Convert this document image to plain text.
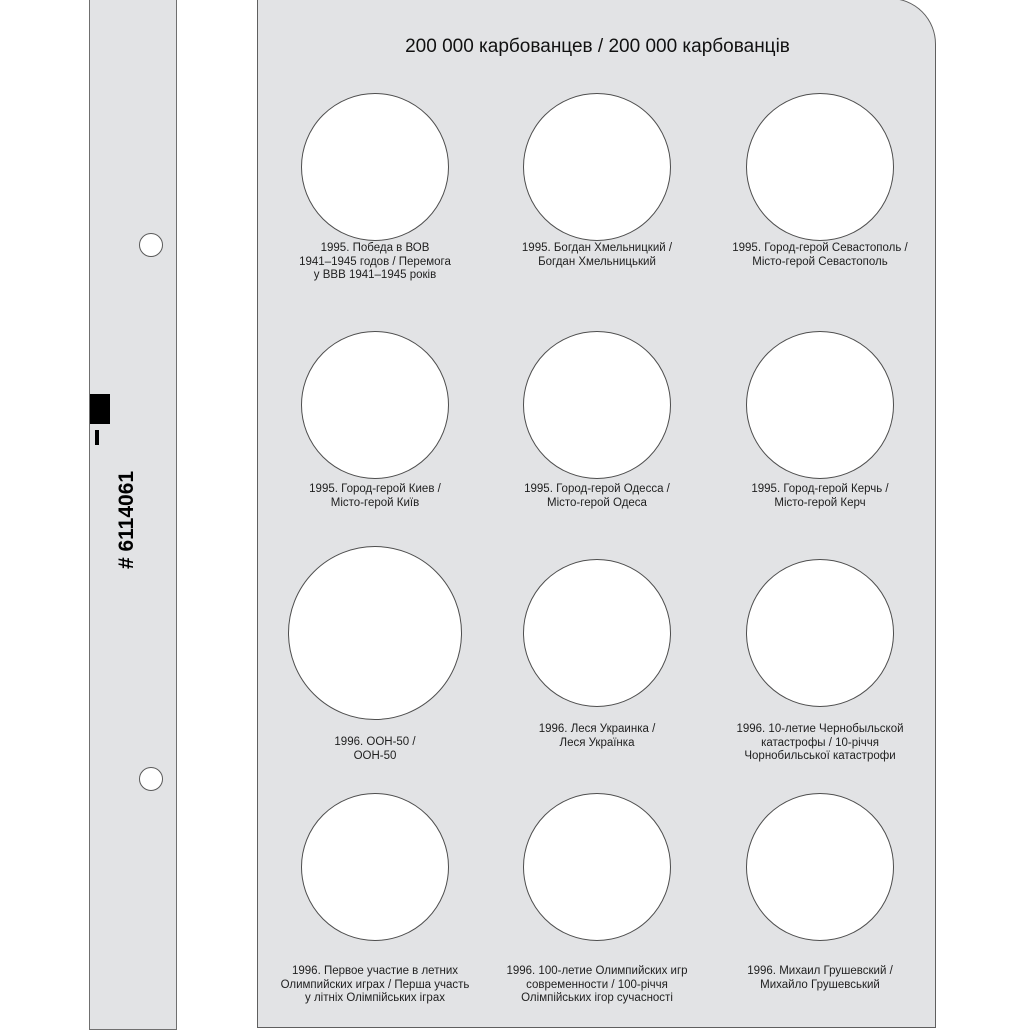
# 6114061
200 000 карбованцев / 200 000 карбованців
1995. Победа в ВОВ
1941–1945 годов / Перемога
у ВВВ 1941–1945 років
1995. Богдан Хмельницкий /
Богдан Хмельницький
1995. Город-герой Севастополь /
Місто-герой Севастополь
1995. Город-герой Киев /
Місто-герой Київ
1995. Город-герой Одесса /
Місто-герой Одеса
1995. Город-герой Керчь /
Місто-герой Керч
1996. ООН-50 /
ООН-50
1996. Леся Украинка /
Леся Українка
1996. 10-летие Чернобыльской
катастрофы / 10-річчя
Чорнобильської катастрофи
1996. Первое участие в летних
Олимпийских играх / Перша участь
у літніх Олімпійських іграх
1996. 100-летие Олимпийских игр
современности / 100-річчя
Олімпійських ігор сучасності
1996. Михаил Грушевский /
Михайло Грушевський
